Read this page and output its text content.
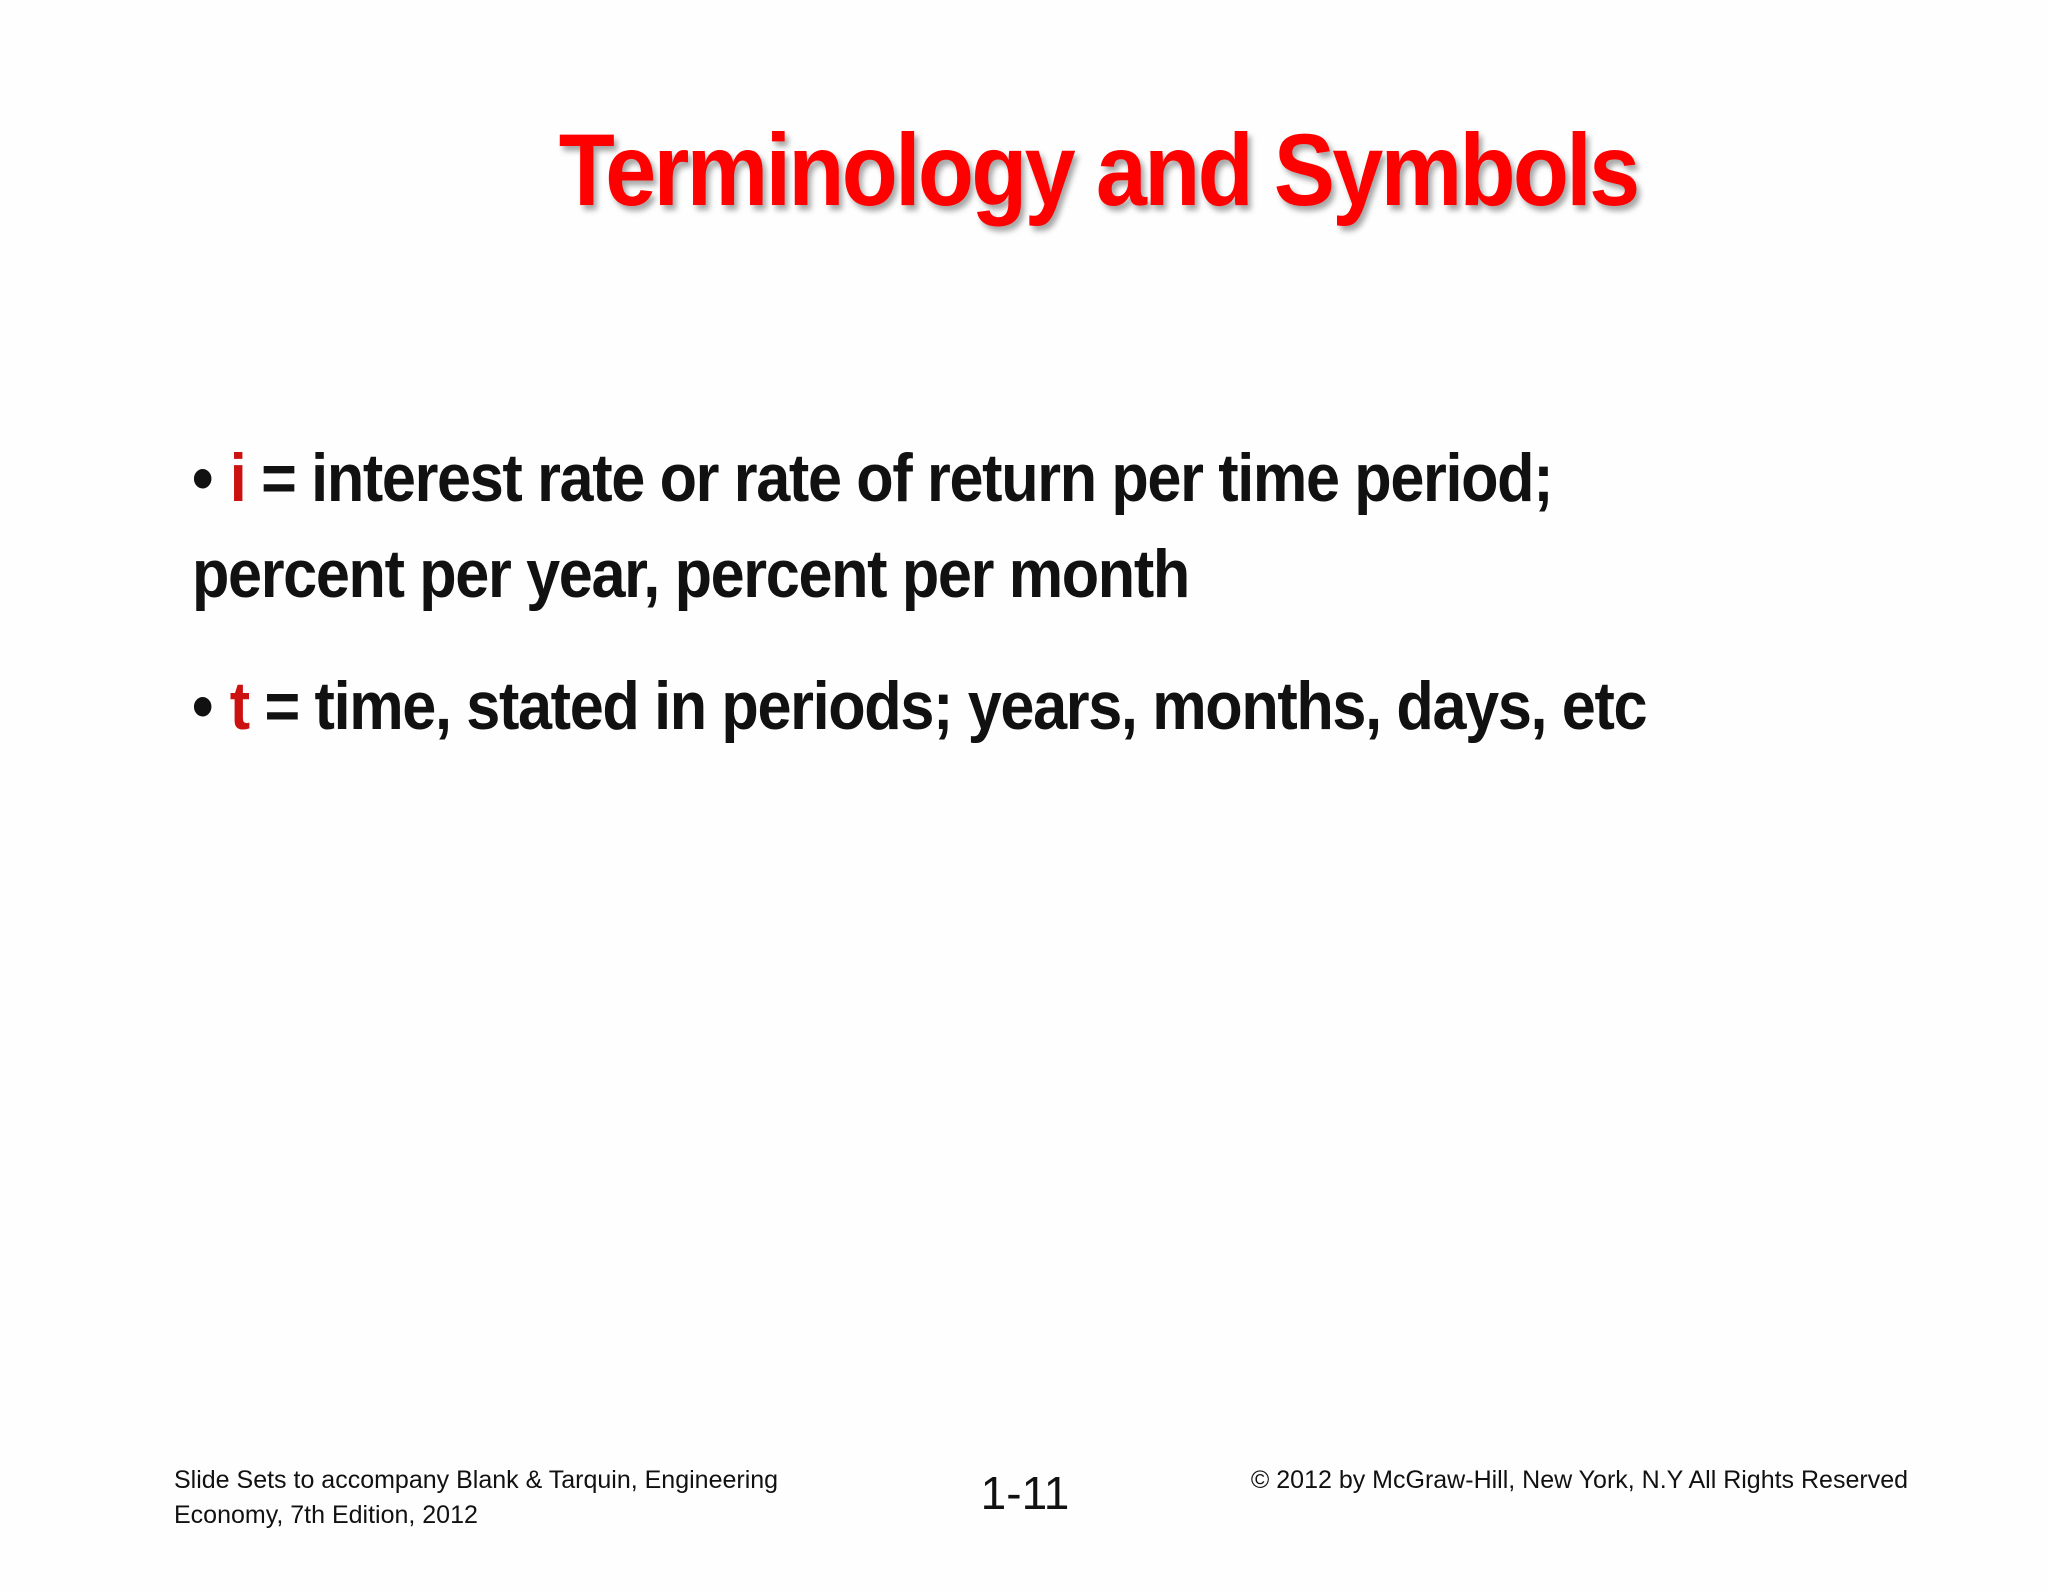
Terminology and Symbols
• i = interest rate or rate of return per time period;
percent per year, percent per month
• t = time, stated in periods; years, months, days, etc
Slide Sets to accompany Blank & Tarquin, Engineering
Economy, 7th Edition, 2012	1-11	© 2012 by McGraw-Hill, New York, N.Y All Rights Reserved
